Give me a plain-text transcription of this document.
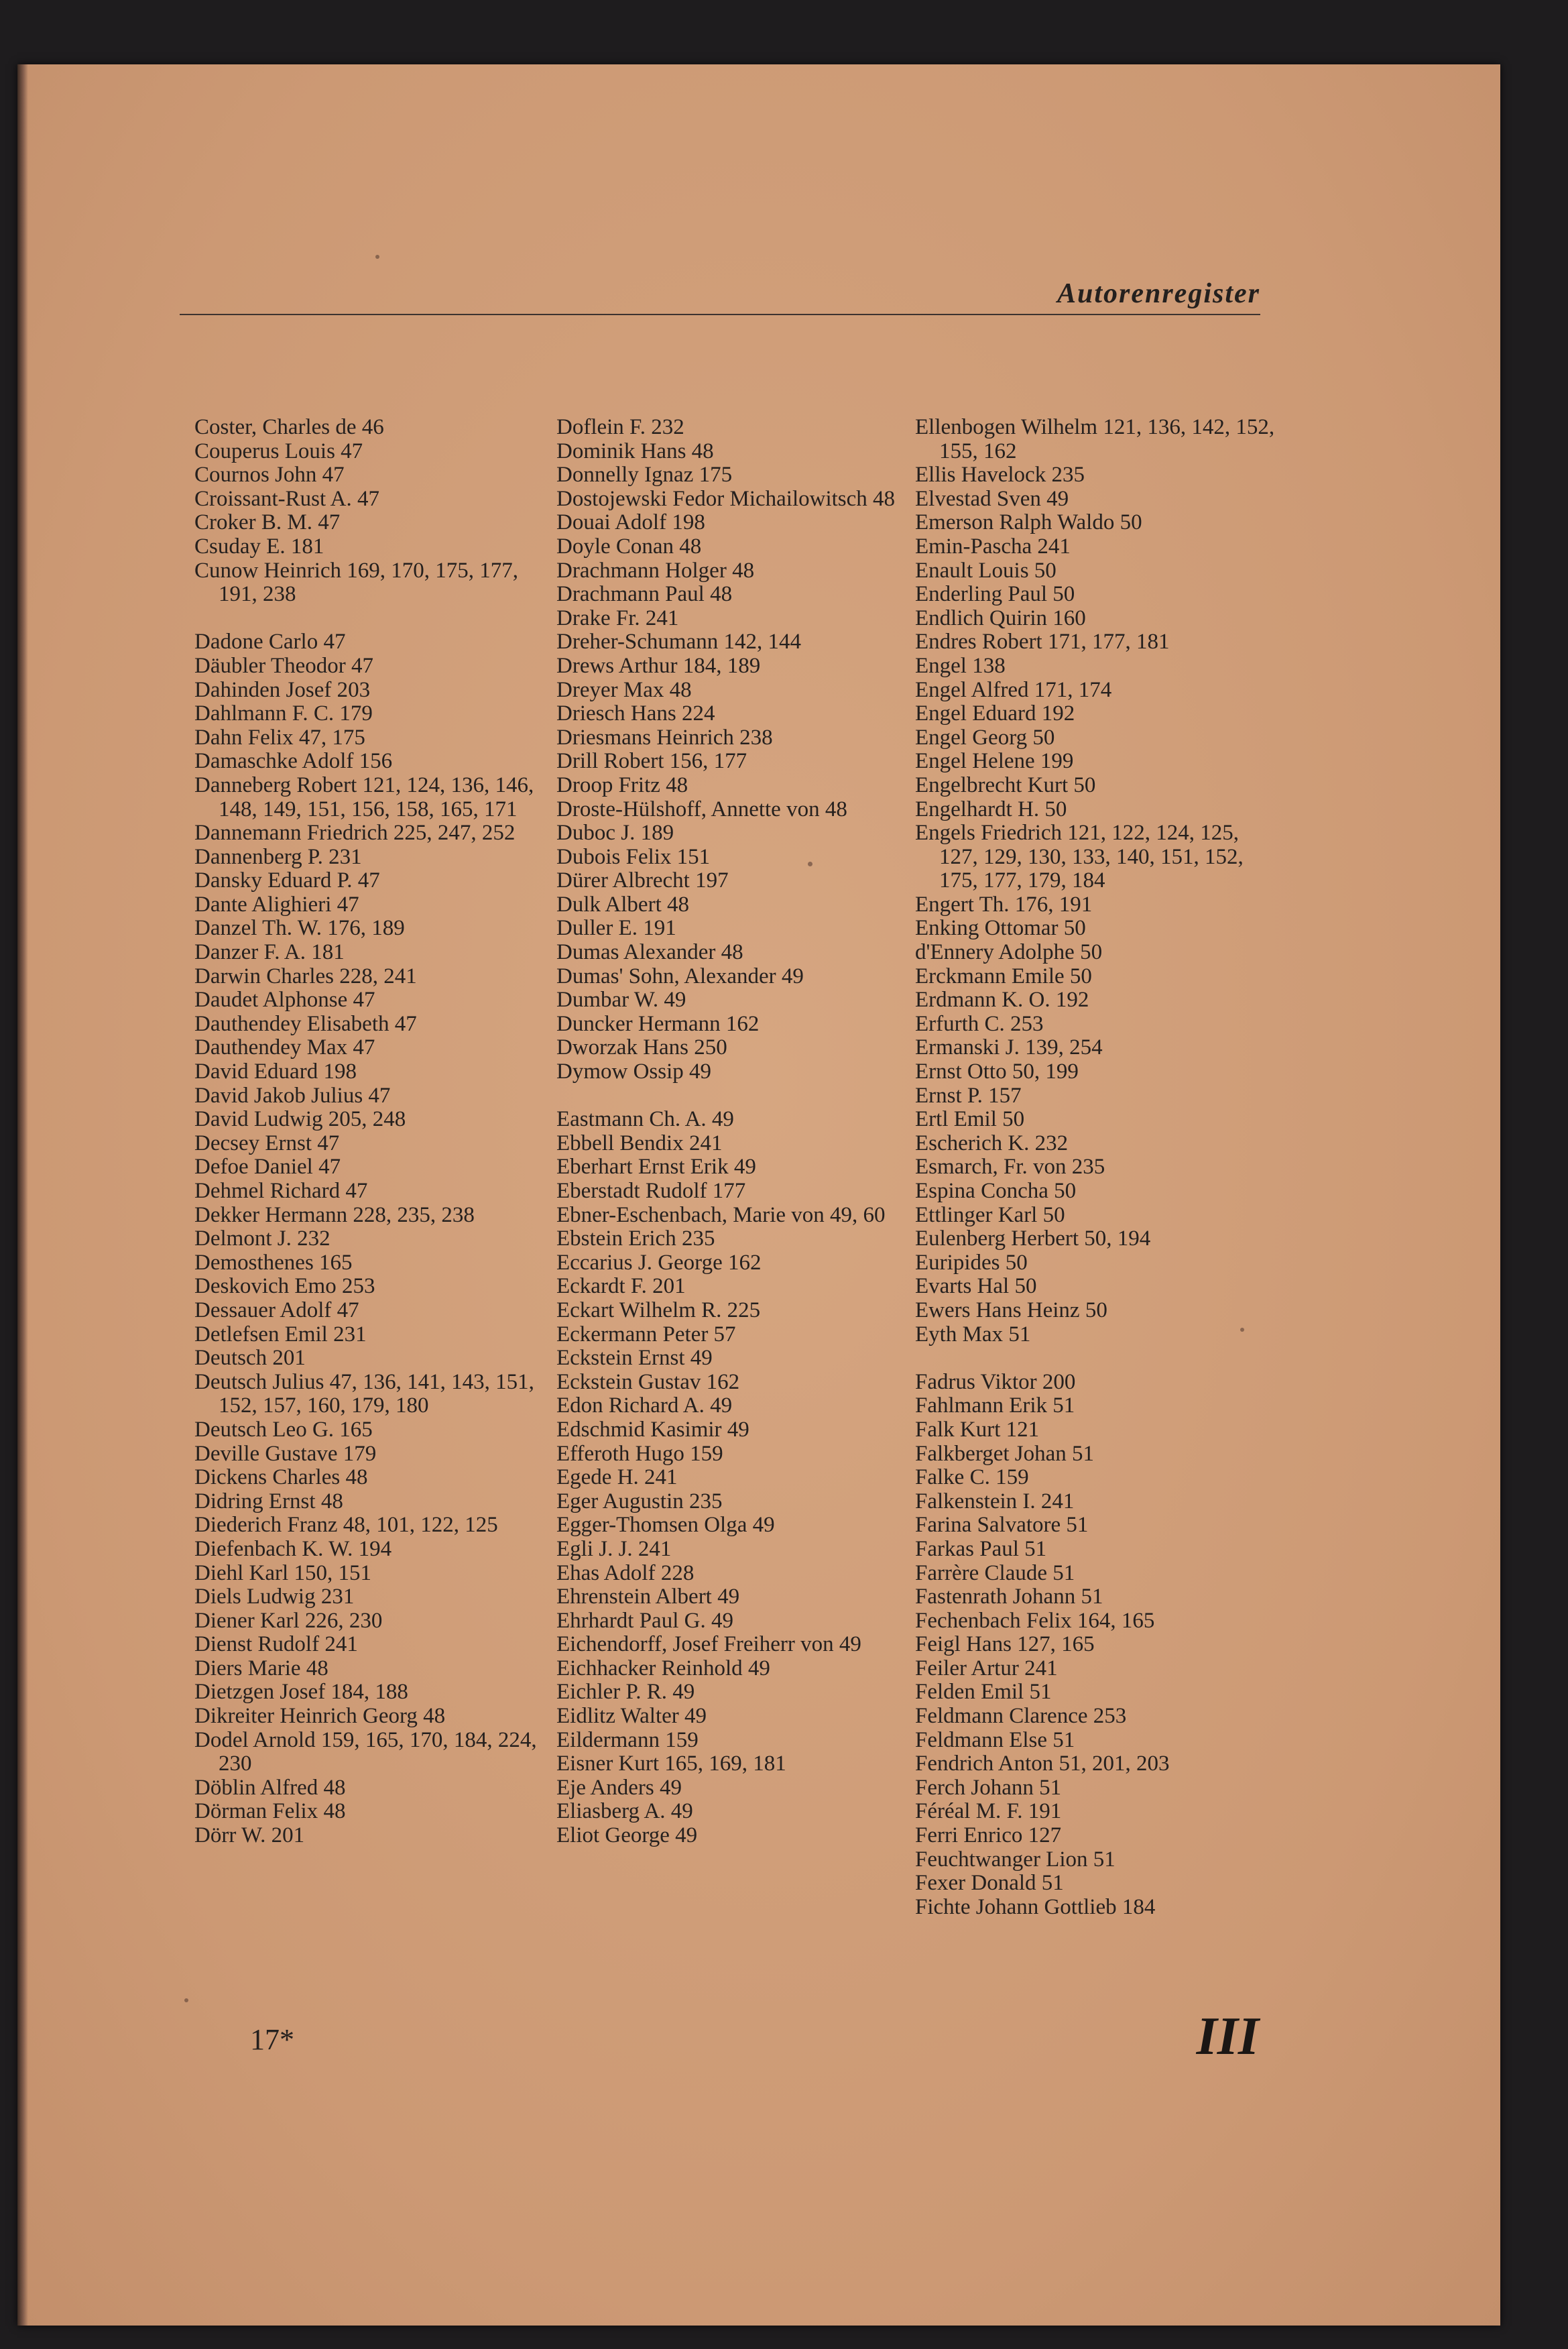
Autorenregister
Coster, Charles de 46
Couperus Louis 47
Cournos John 47
Croissant-Rust A. 47
Croker B. M. 47
Csuday E. 181
Cunow Heinrich 169, 170, 175, 177, 191, 238
Dadone Carlo 47
Däubler Theodor 47
Dahinden Josef 203
Dahlmann F. C. 179
Dahn Felix 47, 175
Damaschke Adolf 156
Danneberg Robert 121, 124, 136, 146, 148, 149, 151, 156, 158, 165, 171
Dannemann Friedrich 225, 247, 252
Dannenberg P. 231
Dansky Eduard P. 47
Dante Alighieri 47
Danzel Th. W. 176, 189
Danzer F. A. 181
Darwin Charles 228, 241
Daudet Alphonse 47
Dauthendey Elisabeth 47
Dauthendey Max 47
David Eduard 198
David Jakob Julius 47
David Ludwig 205, 248
Decsey Ernst 47
Defoe Daniel 47
Dehmel Richard 47
Dekker Hermann 228, 235, 238
Delmont J. 232
Demosthenes 165
Deskovich Emo 253
Dessauer Adolf 47
Detlefsen Emil 231
Deutsch 201
Deutsch Julius 47, 136, 141, 143, 151, 152, 157, 160, 179, 180
Deutsch Leo G. 165
Deville Gustave 179
Dickens Charles 48
Didring Ernst 48
Diederich Franz 48, 101, 122, 125
Diefenbach K. W. 194
Diehl Karl 150, 151
Diels Ludwig 231
Diener Karl 226, 230
Dienst Rudolf 241
Diers Marie 48
Dietzgen Josef 184, 188
Dikreiter Heinrich Georg 48
Dodel Arnold 159, 165, 170, 184, 224, 230
Döblin Alfred 48
Dörman Felix 48
Dörr W. 201
Doflein F. 232
Dominik Hans 48
Donnelly Ignaz 175
Dostojewski Fedor Michailowitsch 48
Douai Adolf 198
Doyle Conan 48
Drachmann Holger 48
Drachmann Paul 48
Drake Fr. 241
Dreher-Schumann 142, 144
Drews Arthur 184, 189
Dreyer Max 48
Driesch Hans 224
Driesmans Heinrich 238
Drill Robert 156, 177
Droop Fritz 48
Droste-Hülshoff, Annette von 48
Duboc J. 189
Dubois Felix 151
Dürer Albrecht 197
Dulk Albert 48
Duller E. 191
Dumas Alexander 48
Dumas' Sohn, Alexander 49
Dumbar W. 49
Duncker Hermann 162
Dworzak Hans 250
Dymow Ossip 49
Eastmann Ch. A. 49
Ebbell Bendix 241
Eberhart Ernst Erik 49
Eberstadt Rudolf 177
Ebner-Eschenbach, Marie von 49, 60
Ebstein Erich 235
Eccarius J. George 162
Eckardt F. 201
Eckart Wilhelm R. 225
Eckermann Peter 57
Eckstein Ernst 49
Eckstein Gustav 162
Edon Richard A. 49
Edschmid Kasimir 49
Efferoth Hugo 159
Egede H. 241
Eger Augustin 235
Egger-Thomsen Olga 49
Egli J. J. 241
Ehas Adolf 228
Ehrenstein Albert 49
Ehrhardt Paul G. 49
Eichendorff, Josef Freiherr von 49
Eichhacker Reinhold 49
Eichler P. R. 49
Eidlitz Walter 49
Eildermann 159
Eisner Kurt 165, 169, 181
Eje Anders 49
Eliasberg A. 49
Eliot George 49
Ellenbogen Wilhelm 121, 136, 142, 152, 155, 162
Ellis Havelock 235
Elvestad Sven 49
Emerson Ralph Waldo 50
Emin-Pascha 241
Enault Louis 50
Enderling Paul 50
Endlich Quirin 160
Endres Robert 171, 177, 181
Engel 138
Engel Alfred 171, 174
Engel Eduard 192
Engel Georg 50
Engel Helene 199
Engelbrecht Kurt 50
Engelhardt H. 50
Engels Friedrich 121, 122, 124, 125, 127, 129, 130, 133, 140, 151, 152, 175, 177, 179, 184
Engert Th. 176, 191
Enking Ottomar 50
d'Ennery Adolphe 50
Erckmann Emile 50
Erdmann K. O. 192
Erfurth C. 253
Ermanski J. 139, 254
Ernst Otto 50, 199
Ernst P. 157
Ertl Emil 50
Escherich K. 232
Esmarch, Fr. von 235
Espina Concha 50
Ettlinger Karl 50
Eulenberg Herbert 50, 194
Euripides 50
Evarts Hal 50
Ewers Hans Heinz 50
Eyth Max 51
Fadrus Viktor 200
Fahlmann Erik 51
Falk Kurt 121
Falkberget Johan 51
Falke C. 159
Falkenstein I. 241
Farina Salvatore 51
Farkas Paul 51
Farrère Claude 51
Fastenrath Johann 51
Fechenbach Felix 164, 165
Feigl Hans 127, 165
Feiler Artur 241
Felden Emil 51
Feldmann Clarence 253
Feldmann Else 51
Fendrich Anton 51, 201, 203
Ferch Johann 51
Féréal M. F. 191
Ferri Enrico 127
Feuchtwanger Lion 51
Fexer Donald 51
Fichte Johann Gottlieb 184
17*	III
